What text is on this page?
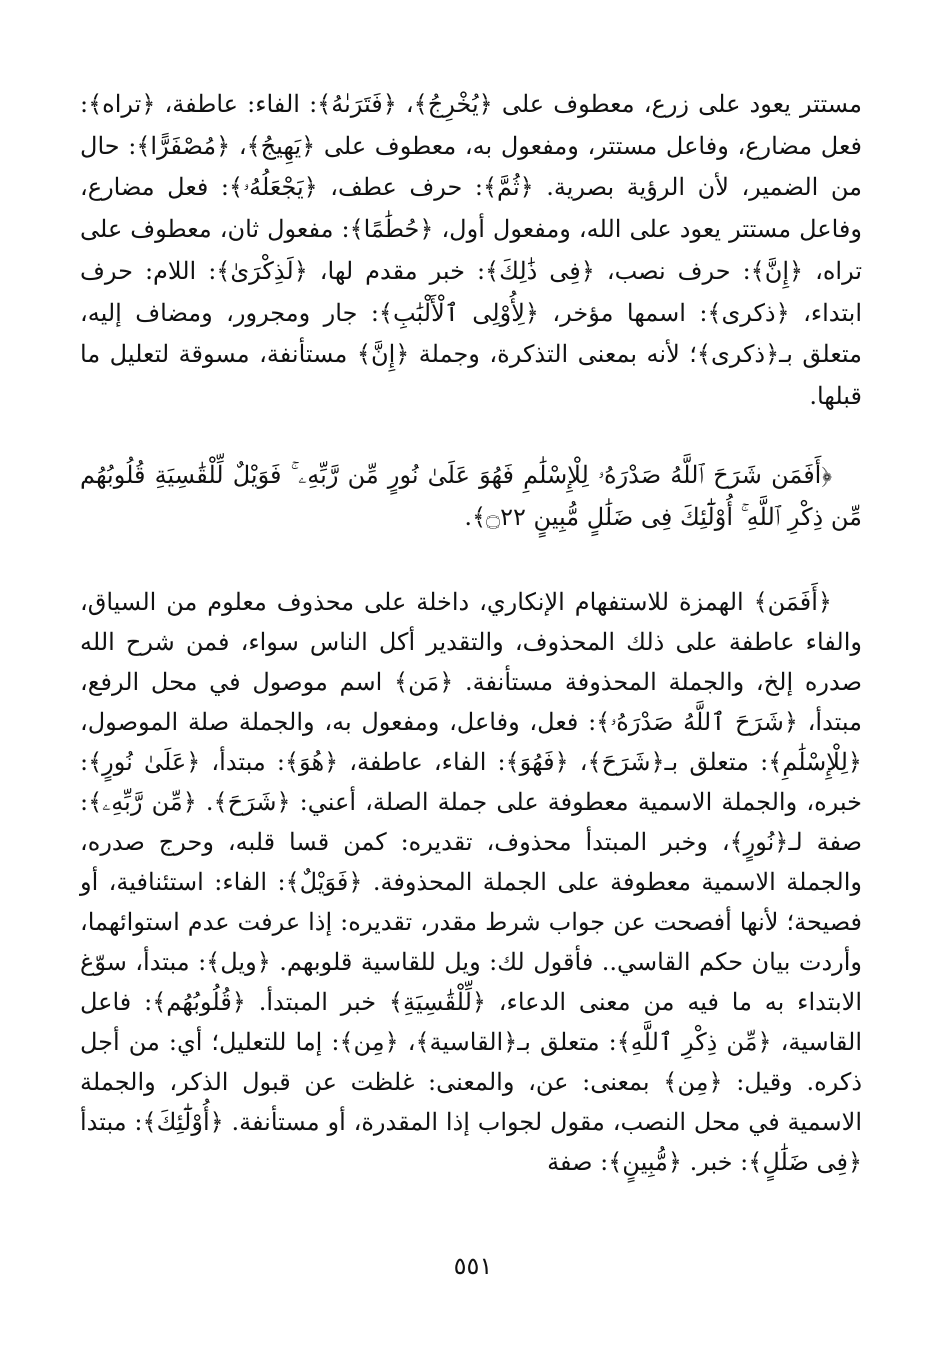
مستتر يعود على زرع، معطوف على ﴿يُخْرِجُ﴾، ﴿فَتَرَىٰهُ﴾: الفاء: عاطفة، ﴿تراه﴾: فعل مضارع، وفاعل مستتر، ومفعول به، معطوف على ﴿يَهِيجُ﴾، ﴿مُصْفَرًّا﴾: حال من الضمير، لأن الرؤية بصرية. ﴿ثُمَّ﴾: حرف عطف، ﴿يَجْعَلُهُۥ﴾: فعل مضارع، وفاعل مستتر يعود على الله، ومفعول أول، ﴿حُطَٰمًا﴾: مفعول ثان، معطوف على تراه، ﴿إِنَّ﴾: حرف نصب، ﴿فِى ذَٰلِكَ﴾: خبر مقدم لها، ﴿لَذِكْرَىٰ﴾: اللام: حرف ابتداء، ﴿ذكرى﴾: اسمها مؤخر، ﴿لِأُوْلِى ٱلْأَلْبَٰبِ﴾: جار ومجرور، ومضاف إليه، متعلق بـ﴿ذكرى﴾؛ لأنه بمعنى التذكرة، وجملة ﴿إِنَّ﴾ مستأنفة، مسوقة لتعليل ما قبلها.

﴿أَفَمَن شَرَحَ ٱللَّهُ صَدْرَهُۥ لِلْإِسْلَٰمِ فَهُوَ عَلَىٰ نُورٍ مِّن رَّبِّهِۦ ۚ فَوَيْلٌ لِّلْقَٰسِيَةِ قُلُوبُهُم مِّن ذِكْرِ ٱللَّهِ ۚ أُوْلَٰٓئِكَ فِى ضَلَٰلٍ مُّبِينٍ ۝٢٢﴾.

﴿أَفَمَن﴾ الهمزة للاستفهام الإنكاري، داخلة على محذوف معلوم من السياق، والفاء عاطفة على ذلك المحذوف، والتقدير أكل الناس سواء، فمن شرح الله صدره إلخ، والجملة المحذوفة مستأنفة. ﴿مَن﴾ اسم موصول في محل الرفع، مبتدأ، ﴿شَرَحَ ٱللَّهُ صَدْرَهُۥ﴾: فعل، وفاعل، ومفعول به، والجملة صلة الموصول، ﴿لِلْإِسْلَٰمِ﴾: متعلق بـ﴿شَرَحَ﴾، ﴿فَهُوَ﴾: الفاء، عاطفة، ﴿هُوَ﴾: مبتدأ، ﴿عَلَىٰ نُورٍ﴾: خبره، والجملة الاسمية معطوفة على جملة الصلة، أعني: ﴿شَرَحَ﴾. ﴿مِّن رَّبِّهِۦ﴾: صفة لـ﴿نُورٍ﴾، وخبر المبتدأ محذوف، تقديره: كمن قسا قلبه، وحرج صدره، والجملة الاسمية معطوفة على الجملة المحذوفة. ﴿فَوَيْلٌ﴾: الفاء: استئنافية، أو فصيحة؛ لأنها أفصحت عن جواب شرط مقدر، تقديره: إذا عرفت عدم استوائهما، وأردت بيان حكم القاسي.. فأقول لك: ويل للقاسية قلوبهم. ﴿ويل﴾: مبتدأ، سوّغ الابتداء به ما فيه من معنى الدعاء، ﴿لِّلْقَٰسِيَةِ﴾ خبر المبتدأ. ﴿قُلُوبُهُم﴾: فاعل القاسية، ﴿مِّن ذِكْرِ ٱللَّهِ﴾: متعلق بـ﴿القاسية﴾، ﴿مِن﴾: إما للتعليل؛ أي: من أجل ذكره. وقيل: ﴿مِن﴾ بمعنى: عن، والمعنى: غلظت عن قبول الذكر، والجملة الاسمية في محل النصب، مقول لجواب إذا المقدرة، أو مستأنفة. ﴿أُوْلَٰٓئِكَ﴾: مبتدأ ﴿فِى ضَلَٰلٍ﴾: خبر. ﴿مُّبِينٍ﴾: صفة

٥٥١
